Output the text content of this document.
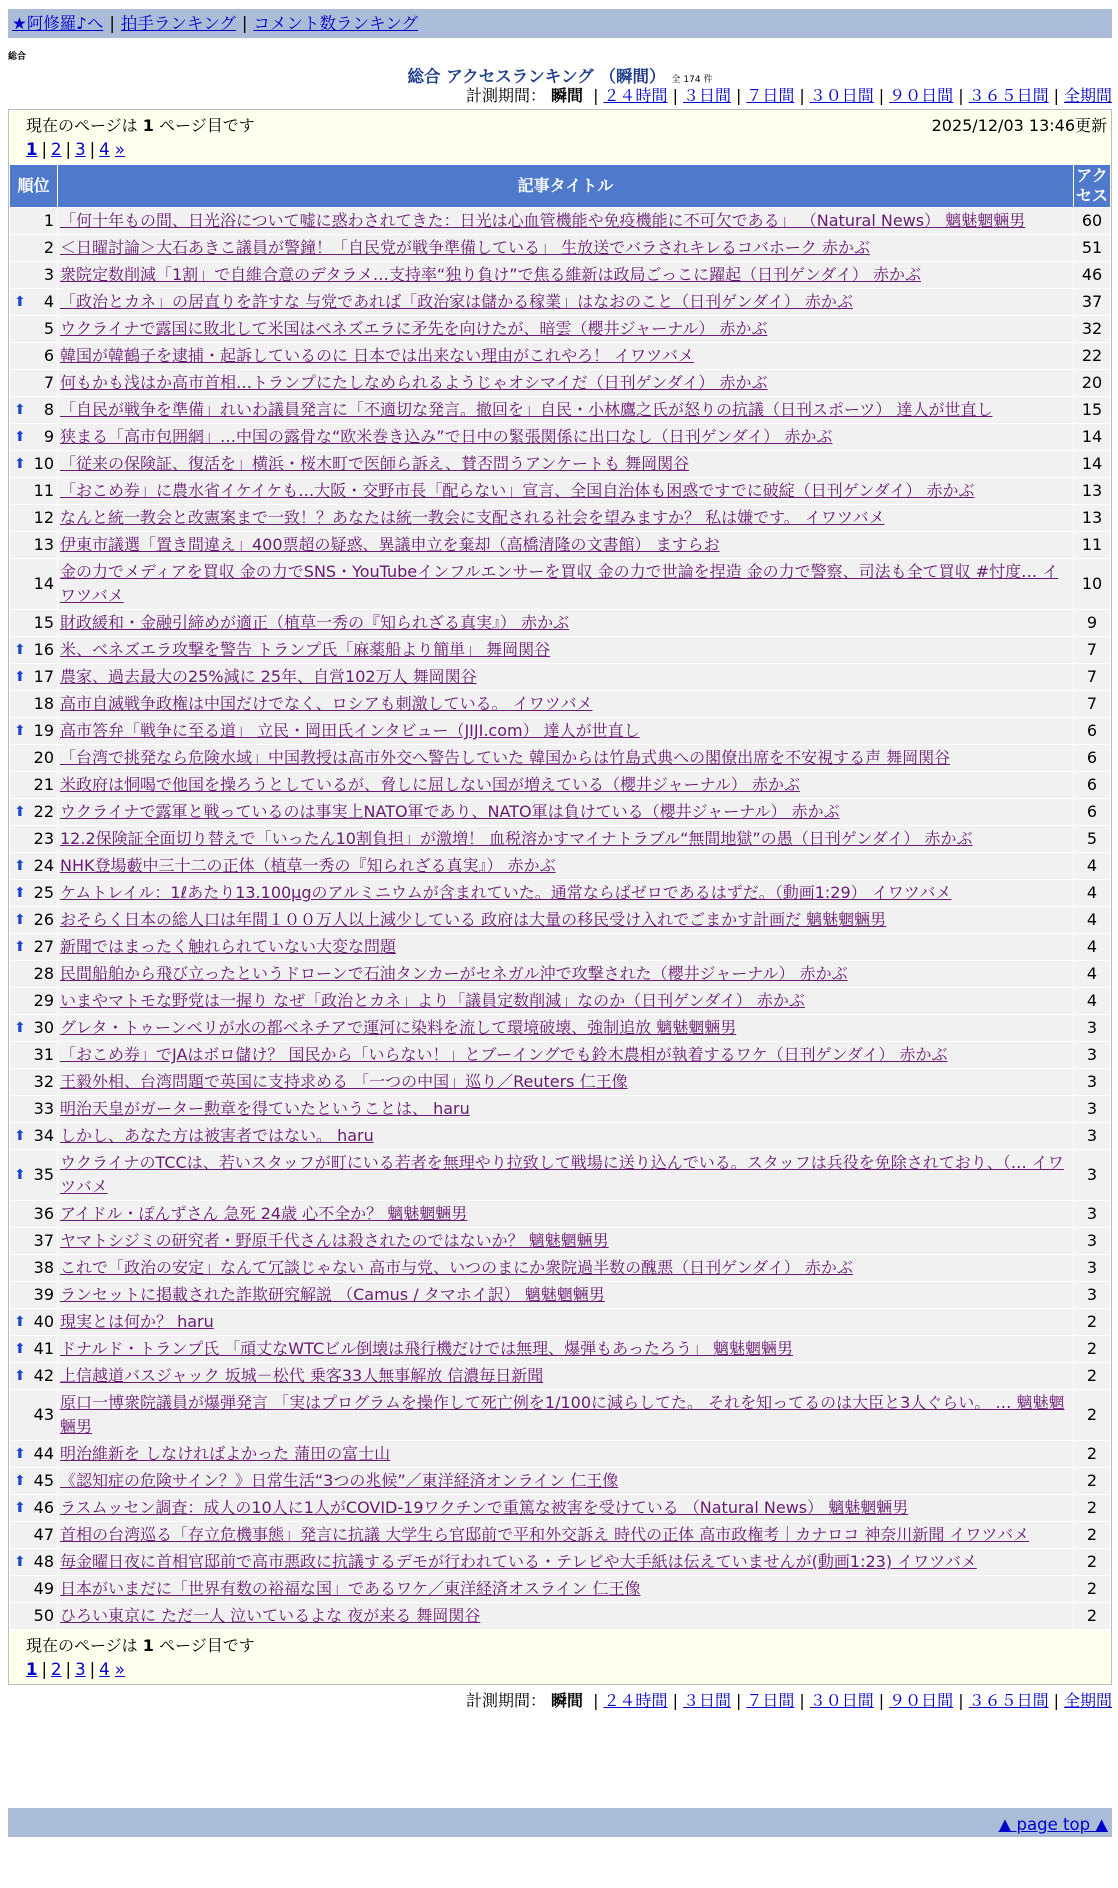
★阿修羅♪へ | 拍手ランキング | コメント数ランキング
総合
総合 アクセスランキング （瞬間） 全 174 件
計測期間： 瞬間 | ２４時間 | ３日間 | ７日間 | ３０日間 | ９０日間 | ３６５日間 | 全期間
現在のページは 1 ページ目です	2025/12/03 13:46更新
1 | 2 | 3 | 4 »
順位	記事タイトル	アクセス
1	「何十年もの間、日光浴について嘘に惑わされてきた：日光は心血管機能や免疫機能に不可欠である」 （Natural News） 魑魅魍魎男	60
2	＜日曜討論＞大石あきこ議員が警鐘！「自民党が戦争準備している」 生放送でバラされキレるコバホーク 赤かぶ	51
3	衆院定数削減「1割」で自維合意のデタラメ…支持率“独り負け”で焦る維新は政局ごっこに躍起（日刊ゲンダイ） 赤かぶ	46

⬆ 4	「政治とカネ」の居直りを許すな 与党であれば「政治家は儲かる稼業」はなおのこと（日刊ゲンダイ） 赤かぶ	37
5	ウクライナで露国に敗北して米国はベネズエラに矛先を向けたが、暗雲（櫻井ジャーナル） 赤かぶ	32
6	韓国が韓鶴子を逮捕・起訴しているのに 日本では出来ない理由がこれやろ！ イワツバメ	22
7	何もかも浅はか高市首相…トランプにたしなめられるようじゃオシマイだ（日刊ゲンダイ） 赤かぶ	20

⬆ 8	「自民が戦争を準備」れいわ議員発言に「不適切な発言。撤回を」自民・小林鷹之氏が怒りの抗議（日刊スポーツ） 達人が世直し	15

⬆ 9	狭まる「高市包囲網」…中国の露骨な“欧米巻き込み”で日中の緊張関係に出口なし（日刊ゲンダイ） 赤かぶ	14

⬆ 10	「従来の保険証、復活を」横浜・桜木町で医師ら訴え、賛否問うアンケートも 舞岡関谷	14
11	「おこめ券」に農水省イケイケも…大阪・交野市長「配らない」宣言、全国自治体も困惑ですでに破綻（日刊ゲンダイ） 赤かぶ	13
12	なんと統一教会と改憲案まで一致！？あなたは統一教会に支配される社会を望みますか？ 私は嫌です。 イワツバメ	13
13	伊東市議選「置き間違え」400票超の疑惑、異議申立を棄却（高橋清隆の文書館） ますらお	11
14	金の力でメディアを買収 金の力でSNS・YouTubeインフルエンサーを買収 金の力で世論を捏造 金の力で警察、司法も全て買収 #忖度… イワツバメ	10
15	財政緩和・金融引締めが適正（植草一秀の『知られざる真実』） 赤かぶ	9

⬆ 16	米、ベネズエラ攻撃を警告 トランプ氏「麻薬船より簡単」 舞岡関谷	7

⬆ 17	農家、過去最大の25%減に 25年、自営102万人 舞岡関谷	7
18	高市自滅戦争政権は中国だけでなく、ロシアも刺激している。 イワツバメ	7

⬆ 19	高市答弁「戦争に至る道」 立民・岡田氏インタビュー（JIJI.com） 達人が世直し	6
20	「台湾で挑発なら危険水域」中国教授は高市外交へ警告していた 韓国からは竹島式典への閣僚出席を不安視する声 舞岡関谷	6
21	米政府は恫喝で他国を操ろうとしているが、脅しに屈しない国が増えている（櫻井ジャーナル） 赤かぶ	6

⬆ 22	ウクライナで露軍と戦っているのは事実上NATO軍であり、NATO軍は負けている（櫻井ジャーナル） 赤かぶ	6
23	12.2保険証全面切り替えで「いったん10割負担」が激増！ 血税溶かすマイナトラブル“無間地獄”の愚（日刊ゲンダイ） 赤かぶ	5

⬆ 24	NHK登場藪中三十二の正体（植草一秀の『知られざる真実』） 赤かぶ	4

⬆ 25	ケムトレイル：1ℓあたり13.100μgのアルミニウムが含まれていた。通常ならばゼロであるはずだ。（動画1:29） イワツバメ	4

⬆ 26	おそらく日本の総人口は年間１００万人以上減少している 政府は大量の移民受け入れでごまかす計画だ 魑魅魍魎男	4

⬆ 27	新聞ではまったく触れられていない大変な問題	4
28	民間船舶から飛び立ったというドローンで石油タンカーがセネガル沖で攻撃された（櫻井ジャーナル） 赤かぶ	4
29	いまやマトモな野党は一握り なぜ「政治とカネ」より「議員定数削減」なのか（日刊ゲンダイ） 赤かぶ	4

⬆ 30	グレタ・トゥーンベリが水の都ベネチアで運河に染料を流して環境破壊、強制追放 魑魅魍魎男	3
31	「おこめ券」でJAはボロ儲け？ 国民から「いらない！」とブーイングでも鈴木農相が執着するワケ（日刊ゲンダイ） 赤かぶ	3
32	王毅外相、台湾問題で英国に支持求める 「一つの中国」巡り／Reuters 仁王像	3
33	明治天皇がガーター勲章を得ていたということは、 haru	3

⬆ 34	しかし、あなた方は被害者ではない。 haru	3

⬆ 35	ウクライナのTCCは、若いスタッフが町にいる若者を無理やり拉致して戦場に送り込んでいる。スタッフは兵役を免除されており、（… イワツバメ	3
36	アイドル・ぽんずさん 急死 24歳 心不全か？ 魑魅魍魎男	3
37	ヤマトシジミの研究者・野原千代さんは殺されたのではないか？ 魑魅魍魎男	3
38	これで「政治の安定」なんて冗談じゃない 高市与党、いつのまにか衆院過半数の醜悪（日刊ゲンダイ） 赤かぶ	3
39	ランセットに掲載された詐欺研究解説 （Camus / タマホイ訳） 魑魅魍魎男	3

⬆ 40	現実とは何か？ haru	2

⬆ 41	ドナルド・トランプ氏 「頑丈なWTCビル倒壊は飛行機だけでは無理、爆弾もあったろう」 魑魅魍魎男	2

⬆ 42	上信越道バスジャック 坂城－松代 乗客33人無事解放 信濃毎日新聞	2
43	原口一博衆院議員が爆弾発言 「実はプログラムを操作して死亡例を1/100に減らしてた。 それを知ってるのは大臣と3人ぐらい。 … 魑魅魍魎男	2

⬆ 44	明治維新を しなければよかった 蒲田の富士山	2

⬆ 45	《認知症の危険サイン？》日常生活“3つの兆候”／東洋経済オンライン 仁王像	2

⬆ 46	ラスムッセン調査：成人の10人に1人がCOVID-19ワクチンで重篤な被害を受けている （Natural News） 魑魅魍魎男	2
47	首相の台湾巡る「存立危機事態」発言に抗議 大学生ら官邸前で平和外交訴え 時代の正体 高市政権考｜カナロコ 神奈川新聞 イワツバメ	2

⬆ 48	毎金曜日夜に首相官邸前で高市悪政に抗議するデモが行われている・テレビや大手紙は伝えていませんが(動画1:23) イワツバメ	2
49	日本がいまだに「世界有数の裕福な国」であるワケ／東洋経済オスライン 仁王像	2
50	ひろい東京に ただ一人 泣いているよな 夜が来る 舞岡関谷	2
現在のページは 1 ページ目です
1 | 2 | 3 | 4 »
計測期間： 瞬間 | ２４時間 | ３日間 | ７日間 | ３０日間 | ９０日間 | ３６５日間 | 全期間
▲ page top ▲
